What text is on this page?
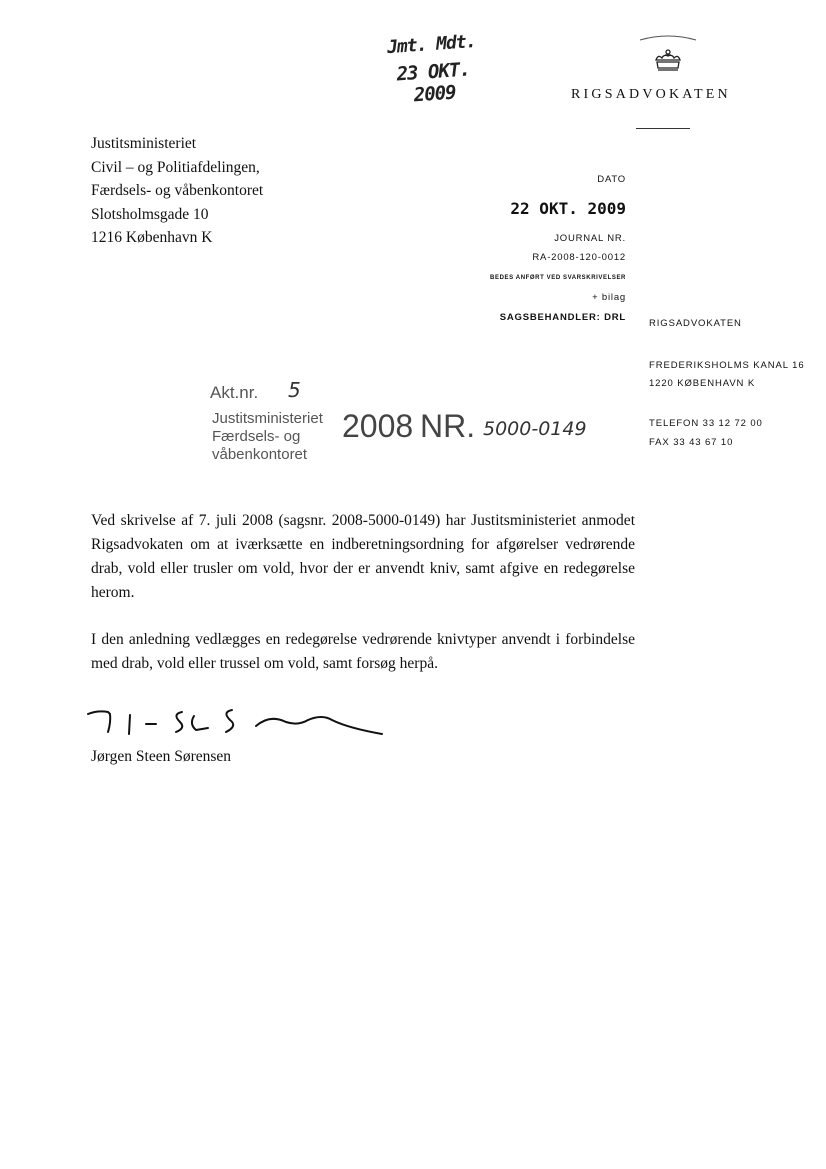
Jmt. Mdt.
23 OKT. 2009	RIGSADVOKATEN
Justitsministeriet
Civil – og Politiafdelingen,
Færdsels- og våbenkontoret
Slotsholmsgade 10
1216 København K
DATO
22 OKT. 2009
JOURNAL NR.
RA-2008-120-0012
BEDES ANFØRT VED SVARSKRIVELSER
+ bilag
SAGSBEHANDLER: DRL
RIGSADVOKATEN
FREDERIKSHOLMS KANAL 16
1220 KØBENHAVN K
TELEFON 33 12 72 00
FAX 33 43 67 10
Akt.nr. 5
Justitsministeriet
Færdsels- og
våbenkontoret
2008 NR. 5000-0149
Ved skrivelse af 7. juli 2008 (sagsnr. 2008-5000-0149) har Justitsministeriet anmodet Rigsadvokaten om at iværksætte en indberetningsordning for afgørelser vedrørende drab, vold eller trusler om vold, hvor der er anvendt kniv, samt afgive en redegørelse herom.
I den anledning vedlægges en redegørelse vedrørende knivtyper anvendt i forbindelse med drab, vold eller trussel om vold, samt forsøg herpå.
Jørgen Steen Sørensen
